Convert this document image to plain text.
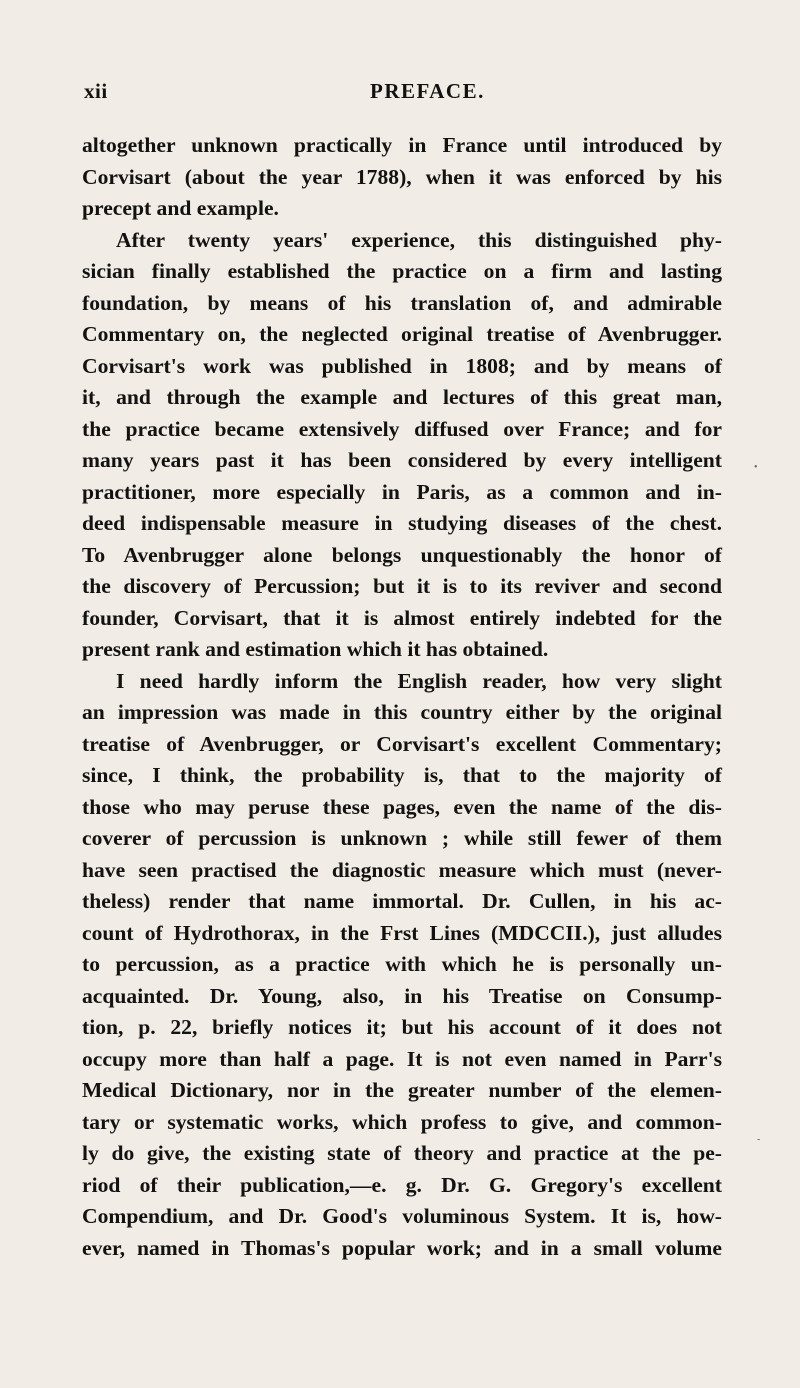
xii	PREFACE.
altogether unknown practically in France until introduced by
Corvisart (about the year 1788), when it was enforced by his
precept and example.
After twenty years' experience, this distinguished phy-
sician finally established the practice on a firm and lasting
foundation, by means of his translation of, and admirable
Commentary on, the neglected original treatise of Avenbrugger.
Corvisart's work was published in 1808; and by means of
it, and through the example and lectures of this great man,
the practice became extensively diffused over France; and for
many years past it has been considered by every intelligent
practitioner, more especially in Paris, as a common and in-
deed indispensable measure in studying diseases of the chest.
To Avenbrugger alone belongs unquestionably the honor of
the discovery of Percussion; but it is to its reviver and second
founder, Corvisart, that it is almost entirely indebted for the
present rank and estimation which it has obtained.
I need hardly inform the English reader, how very slight
an impression was made in this country either by the original
treatise of Avenbrugger, or Corvisart's excellent Commentary;
since, I think, the probability is, that to the majority of
those who may peruse these pages, even the name of the dis-
coverer of percussion is unknown ; while still fewer of them
have seen practised the diagnostic measure which must (never-
theless) render that name immortal. Dr. Cullen, in his ac-
count of Hydrothorax, in the Frst Lines (MDCCII.), just alludes
to percussion, as a practice with which he is personally un-
acquainted. Dr. Young, also, in his Treatise on Consump-
tion, p. 22, briefly notices it; but his account of it does not
occupy more than half a page. It is not even named in Parr's
Medical Dictionary, nor in the greater number of the elemen-
tary or systematic works, which profess to give, and common-
ly do give, the existing state of theory and practice at the pe-
riod of their publication,—e. g. Dr. G. Gregory's excellent
Compendium, and Dr. Good's voluminous System. It is, how-
ever, named in Thomas's popular work; and in a small volume
•
-
